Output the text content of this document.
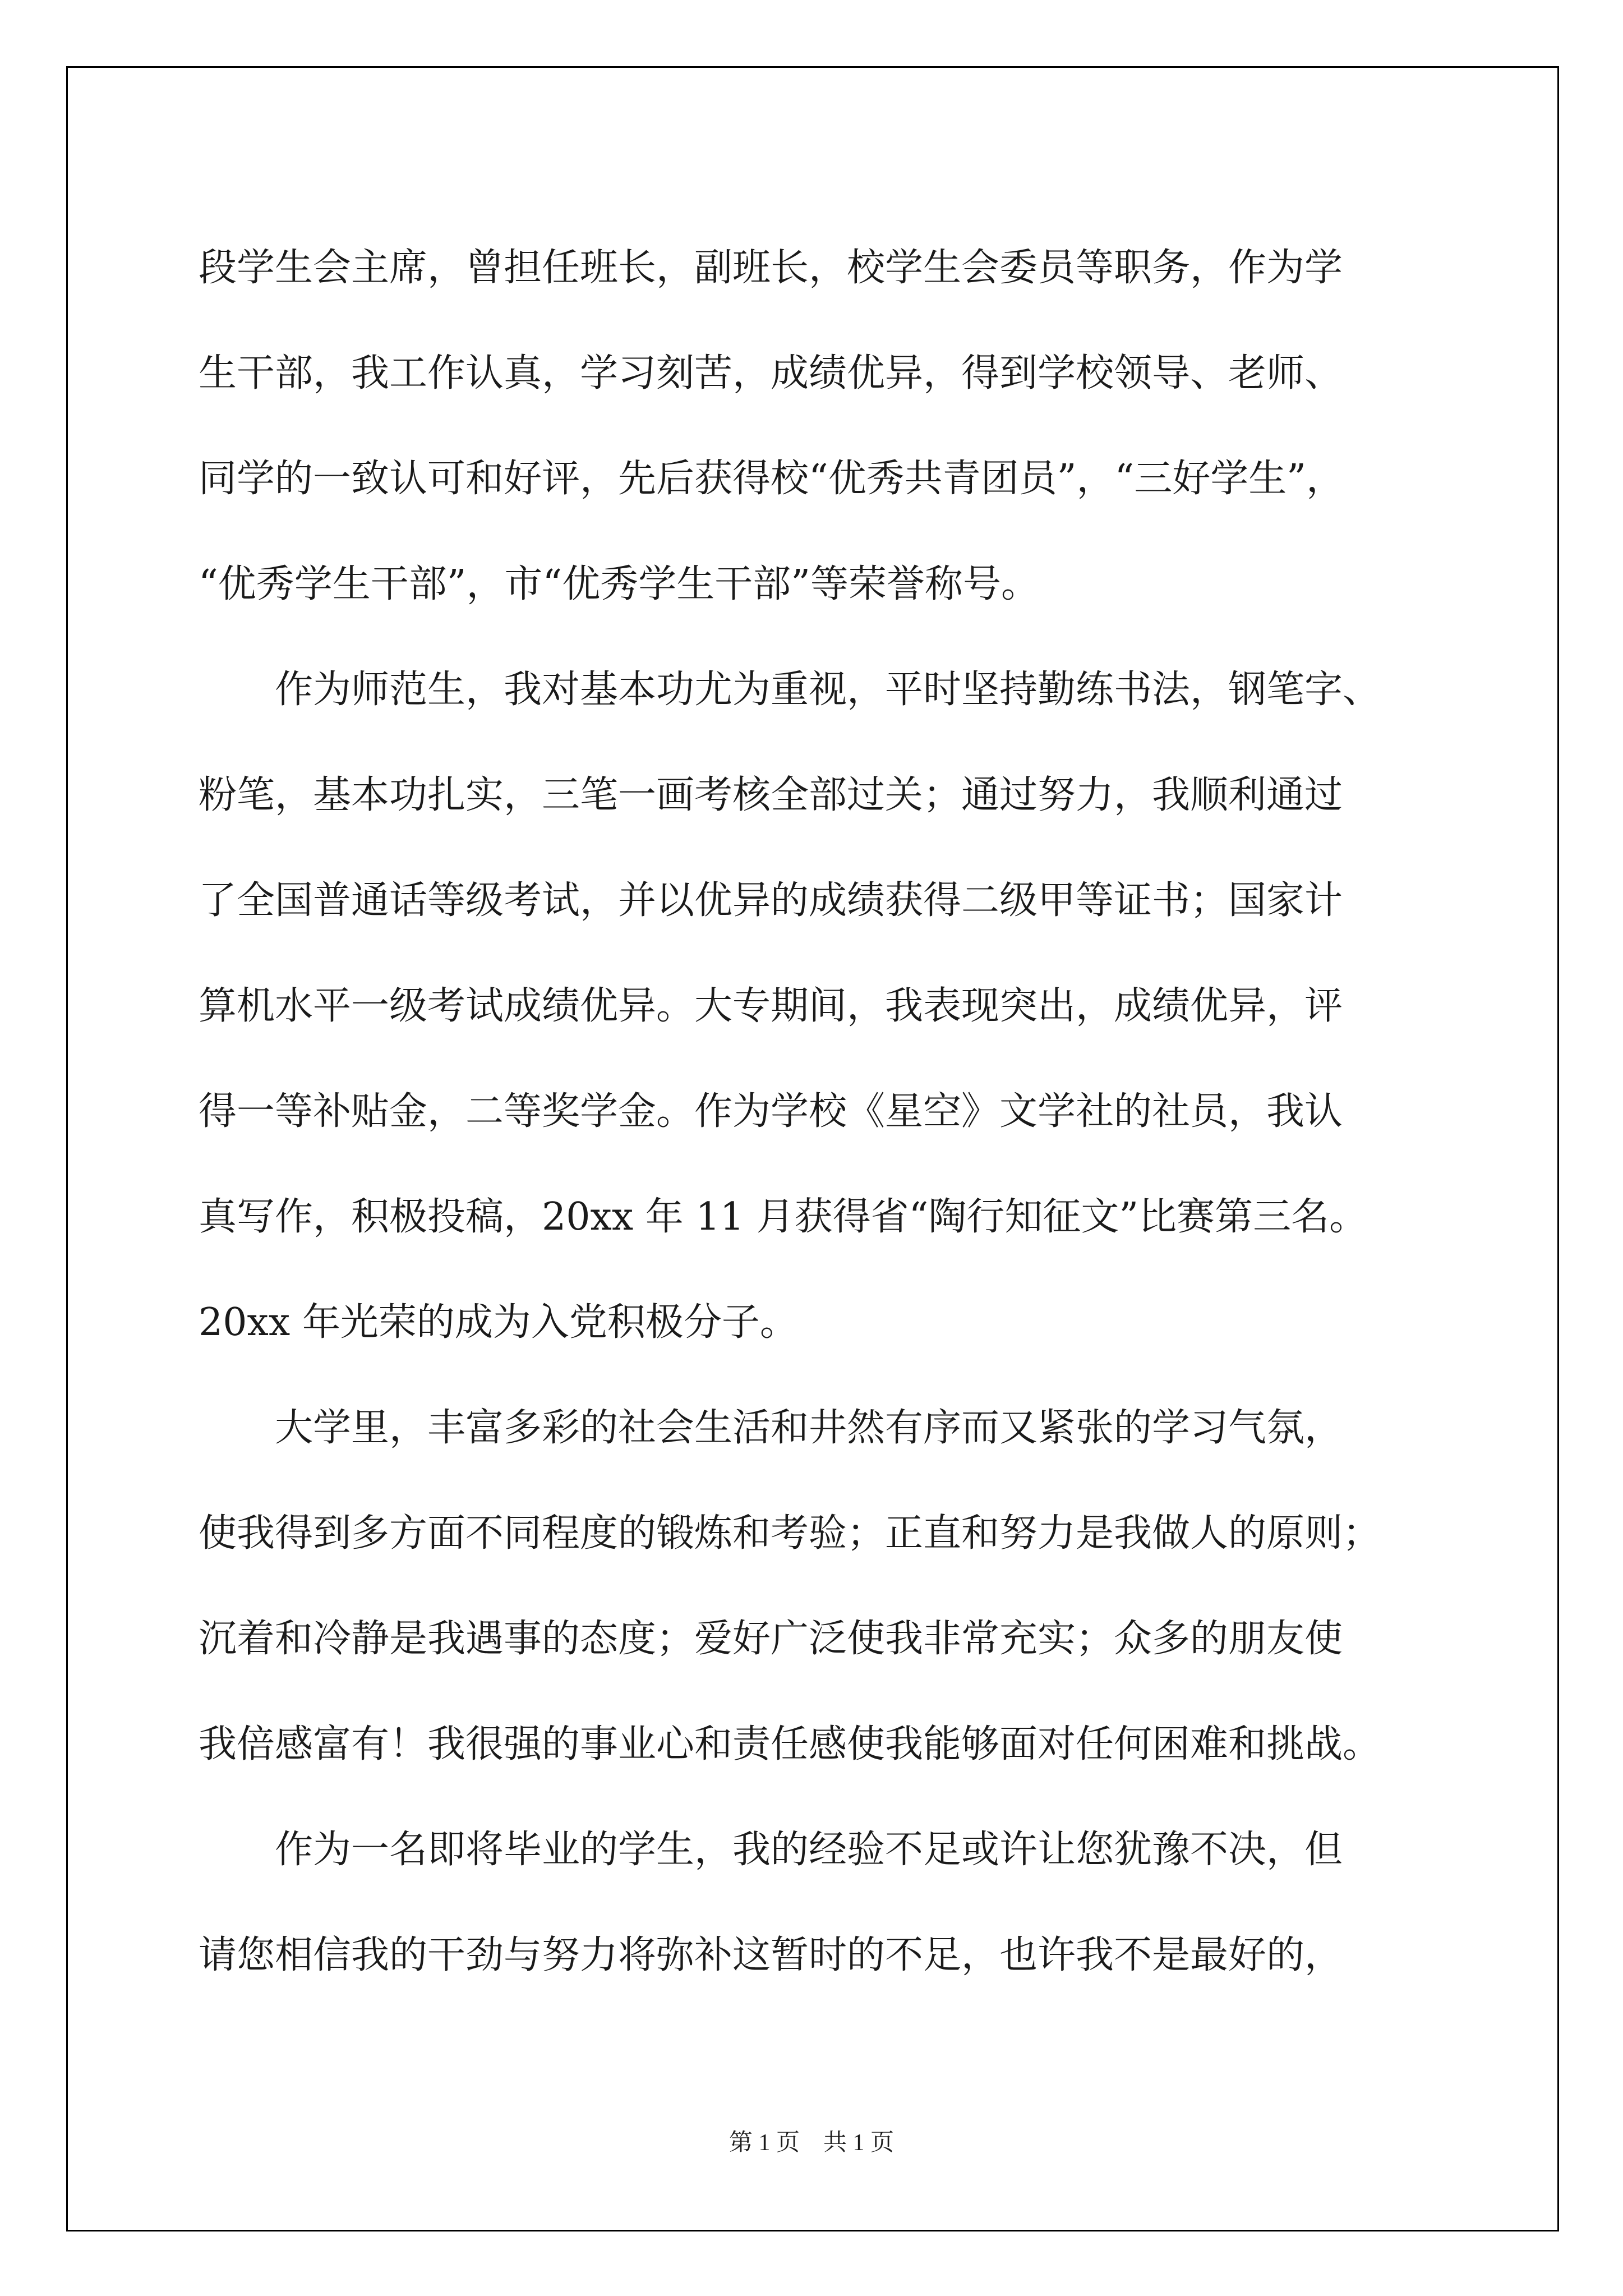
段学生会主席，曾担任班长，副班长，校学生会委员等职务，作为学
生干部，我工作认真，学习刻苦，成绩优异，得到学校领导、老师、
同学的一致认可和好评，先后获得校“优秀共青团员”，“三好学生”，
“优秀学生干部”，市“优秀学生干部”等荣誉称号。

作为师范生，我对基本功尤为重视，平时坚持勤练书法，钢笔字、
粉笔，基本功扎实，三笔一画考核全部过关；通过努力，我顺利通过
了全国普通话等级考试，并以优异的成绩获得二级甲等证书；国家计
算机水平一级考试成绩优异。大专期间，我表现突出，成绩优异，评
得一等补贴金，二等奖学金。作为学校《星空》文学社的社员，我认
真写作，积极投稿，20xx 年 11 月获得省“陶行知征文”比赛第三名。
20xx 年光荣的成为入党积极分子。

大学里，丰富多彩的社会生活和井然有序而又紧张的学习气氛，
使我得到多方面不同程度的锻炼和考验；正直和努力是我做人的原则；
沉着和冷静是我遇事的态度；爱好广泛使我非常充实；众多的朋友使
我倍感富有！我很强的事业心和责任感使我能够面对任何困难和挑战。

作为一名即将毕业的学生，我的经验不足或许让您犹豫不决，但
请您相信我的干劲与努力将弥补这暂时的不足，也许我不是最好的，

第 1 页　共 1 页
